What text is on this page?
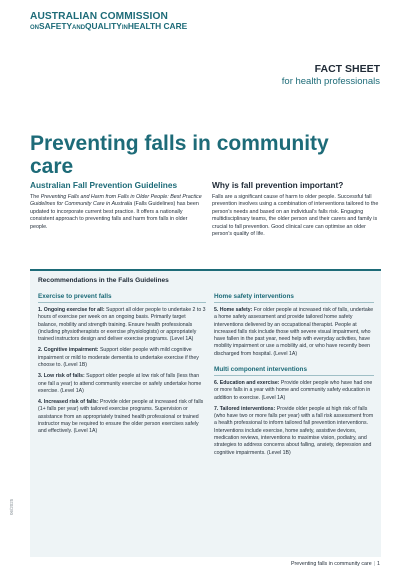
AUSTRALIAN COMMISSION
ONSAFETYANDQUALITYINHEALTH CARE
FACT SHEET
for health professionals
Preventing falls in community care
Australian Fall Prevention Guidelines

The Preventing Falls and Harm from Falls in Older People: Best Practice Guidelines for Community Care in Australia (Falls Guidelines) has been updated to incorporate current best practice. It offers a nationally consistent approach to preventing falls and harm from falls in older people.

Why is fall prevention important?

Falls are a significant cause of harm to older people. Successful fall prevention involves using a combination of interventions tailored to the person's needs and based on an individual's falls risk. Engaging multidisciplinary teams, the older person and their carers and family is crucial to fall prevention. Good clinical care can optimise an older person's quality of life.

Recommendations in the Falls Guidelines
Exercise to prevent falls

1. Ongoing exercise for all: Support all older people to undertake 2 to 3 hours of exercise per week on an ongoing basis. Primarily target balance, mobility and strength training. Ensure health professionals (including physiotherapists or exercise physiologists) or appropriately trained instructors design and deliver exercise programs. (Level 1A)

2. Cognitive impairment: Support older people with mild cognitive impairment or mild to moderate dementia to undertake exercise if they choose to. (Level 1B)

3. Low risk of falls: Support older people at low risk of falls (less than one fall a year) to attend community exercise or safely undertake home exercise. (Level 1A)

4. Increased risk of falls: Provide older people at increased risk of falls (1+ falls per year) with tailored exercise programs. Supervision or assistance from an appropriately trained health professional or trained instructor may be required to ensure the older person exercises safely and effectively. (Level 1A)

Home safety interventions

5. Home safety: For older people at increased risk of falls, undertake a home safety assessment and provide tailored home safety interventions delivered by an occupational therapist. People at increased falls risk include those with severe visual impairment, who have fallen in the past year, need help with everyday activities, have mobility impairment or use a mobility aid, or who have recently been discharged from hospital. (Level 1A)

Multi component interventions

6. Education and exercise: Provide older people who have had one or more falls in a year with home and community safety education in addition to exercise. (Level 1A)

7. Tailored interventions: Provide older people at high risk of falls (who have two or more falls per year) with a fall risk assessment from a health professional to inform tailored fall prevention interventions. Interventions include exercise, home safety, assistive devices, medication reviews, interventions to maximise vision, podiatry, and strategies to address concerns about falling, anxiety, depression and cognitive impairments. (Level 1B)

06/2025
Preventing falls in community care | 1
